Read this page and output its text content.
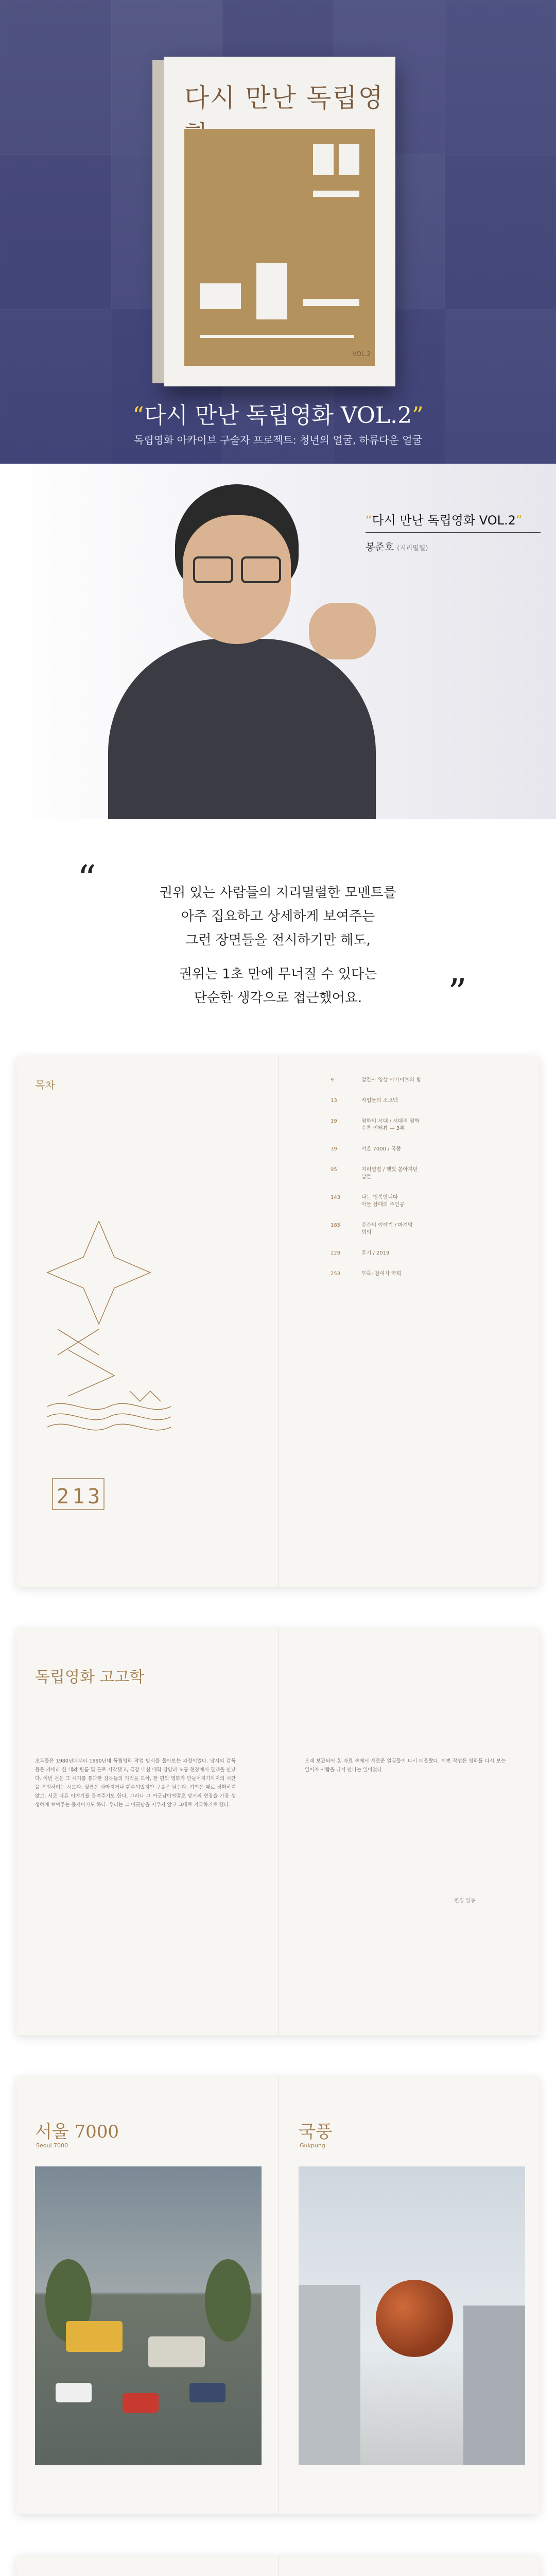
다시 만난 독립영
VOL.2
“다시 만난 독립영화 VOL.2”
독립영화 아카이브 구술자 프로젝트: 청년의 얼굴, 하류다운 얼굴
“다시 만난 독립영화 VOL.2”
봉준호 (지리멸렬)
“	권위 있는 사람들의 지리멸렬한 모멘트를
아주 집요하고 상세하게 보여주는
그런 장면들을 전시하기만 해도,

권위는 1초 만에 무너질 수 있다는
단순한 생각으로 접근했어요.	”
목차
213
9	발간사 영상 아카이브의 힘
13	작업들의 소고백
19	영화의 시대 / 시대의 영화
수록 인터뷰 — 3부
39	서울 7000 / 국풍
95	지리멸렬 / 햇빛 쏟아지던
날들
143	나는 행복합니다
아들 삼대의 주인공
185	중간의 이야기 / 마지막
회의
229	후기 / 2019
253	부록: 참여자 약력
독립영화 고고학
초록들은 1980년대부터 1990년대 독립영화 작업 방식을 돌아보는 과정이었다. 당시의 감독들은 카메라 한 대와 필름 몇 롤로 시작했고, 극장 대신 대학 강당과 노동 현장에서 관객을 만났다. 이번 권은 그 시기를 통과한 감독들의 기억을 모아, 한 편의 영화가 만들어지기까지의 시간을 복원하려는 시도다. 필름은 사라지거나 훼손되었지만 구술은 남는다. 기억은 때로 정확하지 않고, 서로 다른 이야기를 들려주기도 한다. 그러나 그 어긋남이야말로 당시의 현장을 가장 생생하게 보여주는 증거이기도 하다. 우리는 그 어긋남을 지우지 않고 그대로 기록하기로 했다.
오래 보관되어 온 자료 속에서 새로운 얼굴들이 다시 떠올랐다. 이번 작업은 영화를 다시 보는 일이자 사람을 다시 만나는 일이었다.
편집 일동
서울 7000
Seoul 7000
국풍
Gukpung
